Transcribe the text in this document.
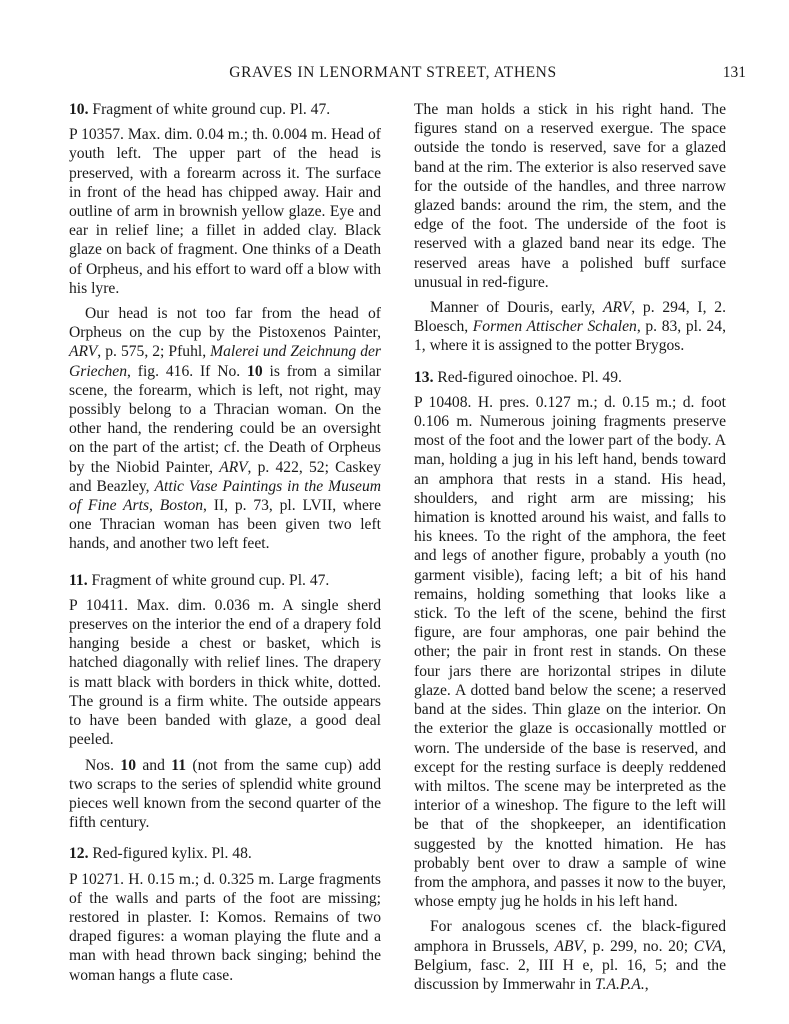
GRAVES IN LENORMANT STREET, ATHENS	131

10. Fragment of white ground cup. Pl. 47.

P 10357. Max. dim. 0.04 m.; th. 0.004 m. Head of youth left. The upper part of the head is preserved, with a forearm across it. The surface in front of the head has chipped away. Hair and outline of arm in brownish yellow glaze. Eye and ear in relief line; a fillet in added clay. Black glaze on back of fragment. One thinks of a Death of Orpheus, and his effort to ward off a blow with his lyre.

Our head is not too far from the head of Orpheus on the cup by the Pistoxenos Painter, ARV, p. 575, 2; Pfuhl, Malerei und Zeichnung der Griechen, fig. 416. If No. 10 is from a similar scene, the forearm, which is left, not right, may possibly belong to a Thracian woman. On the other hand, the rendering could be an oversight on the part of the artist; cf. the Death of Orpheus by the Niobid Painter, ARV, p. 422, 52; Caskey and Beazley, Attic Vase Paintings in the Museum of Fine Arts, Boston, II, p. 73, pl. LVII, where one Thracian woman has been given two left hands, and another two left feet.

11. Fragment of white ground cup. Pl. 47.

P 10411. Max. dim. 0.036 m. A single sherd preserves on the interior the end of a drapery fold hanging beside a chest or basket, which is hatched diagonally with relief lines. The drapery is matt black with borders in thick white, dotted. The ground is a firm white. The outside appears to have been banded with glaze, a good deal peeled.

Nos. 10 and 11 (not from the same cup) add two scraps to the series of splendid white ground pieces well known from the second quarter of the fifth century.

12. Red-figured kylix. Pl. 48.

P 10271. H. 0.15 m.; d. 0.325 m. Large fragments of the walls and parts of the foot are missing; restored in plaster. I: Komos. Remains of two draped figures: a woman playing the flute and a man with head thrown back singing; behind the woman hangs a flute case.

The man holds a stick in his right hand. The figures stand on a reserved exergue. The space outside the tondo is reserved, save for a glazed band at the rim. The exterior is also reserved save for the outside of the handles, and three narrow glazed bands: around the rim, the stem, and the edge of the foot. The underside of the foot is reserved with a glazed band near its edge. The reserved areas have a polished buff surface unusual in red-figure.

Manner of Douris, early, ARV, p. 294, I, 2. Bloesch, Formen Attischer Schalen, p. 83, pl. 24, 1, where it is assigned to the potter Brygos.

13. Red-figured oinochoe. Pl. 49.

P 10408. H. pres. 0.127 m.; d. 0.15 m.; d. foot 0.106 m. Numerous joining fragments preserve most of the foot and the lower part of the body. A man, holding a jug in his left hand, bends toward an amphora that rests in a stand. His head, shoulders, and right arm are missing; his himation is knotted around his waist, and falls to his knees. To the right of the amphora, the feet and legs of another figure, probably a youth (no garment visible), facing left; a bit of his hand remains, holding something that looks like a stick. To the left of the scene, behind the first figure, are four amphoras, one pair behind the other; the pair in front rest in stands. On these four jars there are horizontal stripes in dilute glaze. A dotted band below the scene; a reserved band at the sides. Thin glaze on the interior. On the exterior the glaze is occasionally mottled or worn. The underside of the base is reserved, and except for the resting surface is deeply reddened with miltos. The scene may be interpreted as the interior of a wineshop. The figure to the left will be that of the shopkeeper, an identification suggested by the knotted himation. He has probably bent over to draw a sample of wine from the amphora, and passes it now to the buyer, whose empty jug he holds in his left hand.

For analogous scenes cf. the black-figured amphora in Brussels, ABV, p. 299, no. 20; CVA, Belgium, fasc. 2, III H e, pl. 16, 5; and the discussion by Immerwahr in T.A.P.A.,
